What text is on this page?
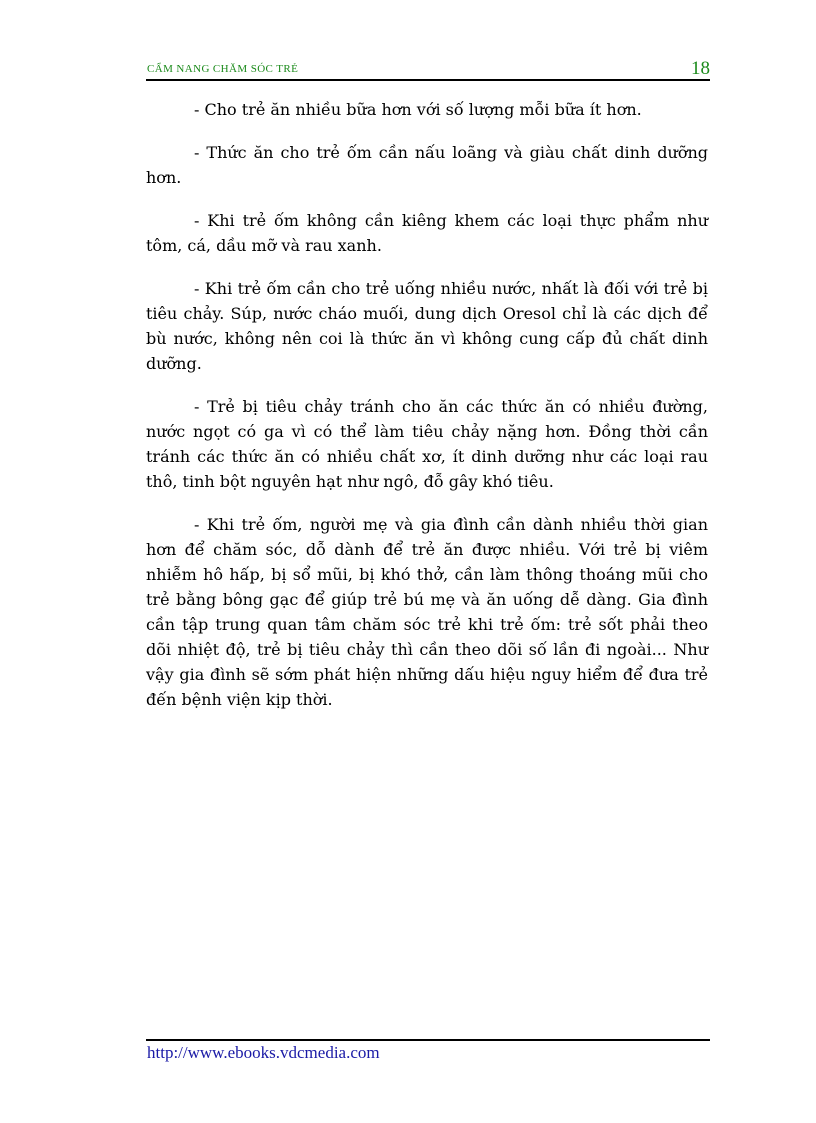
CẨM NANG CHĂM SÓC TRẺ	18

- Cho trẻ ăn nhiều bữa hơn với số lượng mỗi bữa ít hơn.

- Thức ăn cho trẻ ốm cần nấu loãng và giàu chất dinh dưỡng hơn.

- Khi trẻ ốm không cần kiêng khem các loại thực phẩm như tôm, cá, dầu mỡ và rau xanh.

- Khi trẻ ốm cần cho trẻ uống nhiều nước, nhất là đối với trẻ bị tiêu chảy. Súp, nước cháo muối, dung dịch Oresol chỉ là các dịch để bù nước, không nên coi là thức ăn vì không cung cấp đủ chất dinh dưỡng.

- Trẻ bị tiêu chảy tránh cho ăn các thức ăn có nhiều đường, nước ngọt có ga vì có thể làm tiêu chảy nặng hơn. Đồng thời cần tránh các thức ăn có nhiều chất xơ, ít dinh dưỡng như các loại rau thô, tinh bột nguyên hạt như ngô, đỗ gây khó tiêu.

- Khi trẻ ốm, người mẹ và gia đình cần dành nhiều thời gian hơn để chăm sóc, dỗ dành để trẻ ăn được nhiều. Với trẻ bị viêm nhiễm hô hấp, bị sổ mũi, bị khó thở, cần làm thông thoáng mũi cho trẻ bằng bông gạc để giúp trẻ bú mẹ và ăn uống dễ dàng. Gia đình cần tập trung quan tâm chăm sóc trẻ khi trẻ ốm: trẻ sốt phải theo dõi nhiệt độ, trẻ bị tiêu chảy thì cần theo dõi số lần đi ngoài... Như vậy gia đình sẽ sớm phát hiện những dấu hiệu nguy hiểm để đưa trẻ đến bệnh viện kịp thời.

http://www.ebooks.vdcmedia.com
